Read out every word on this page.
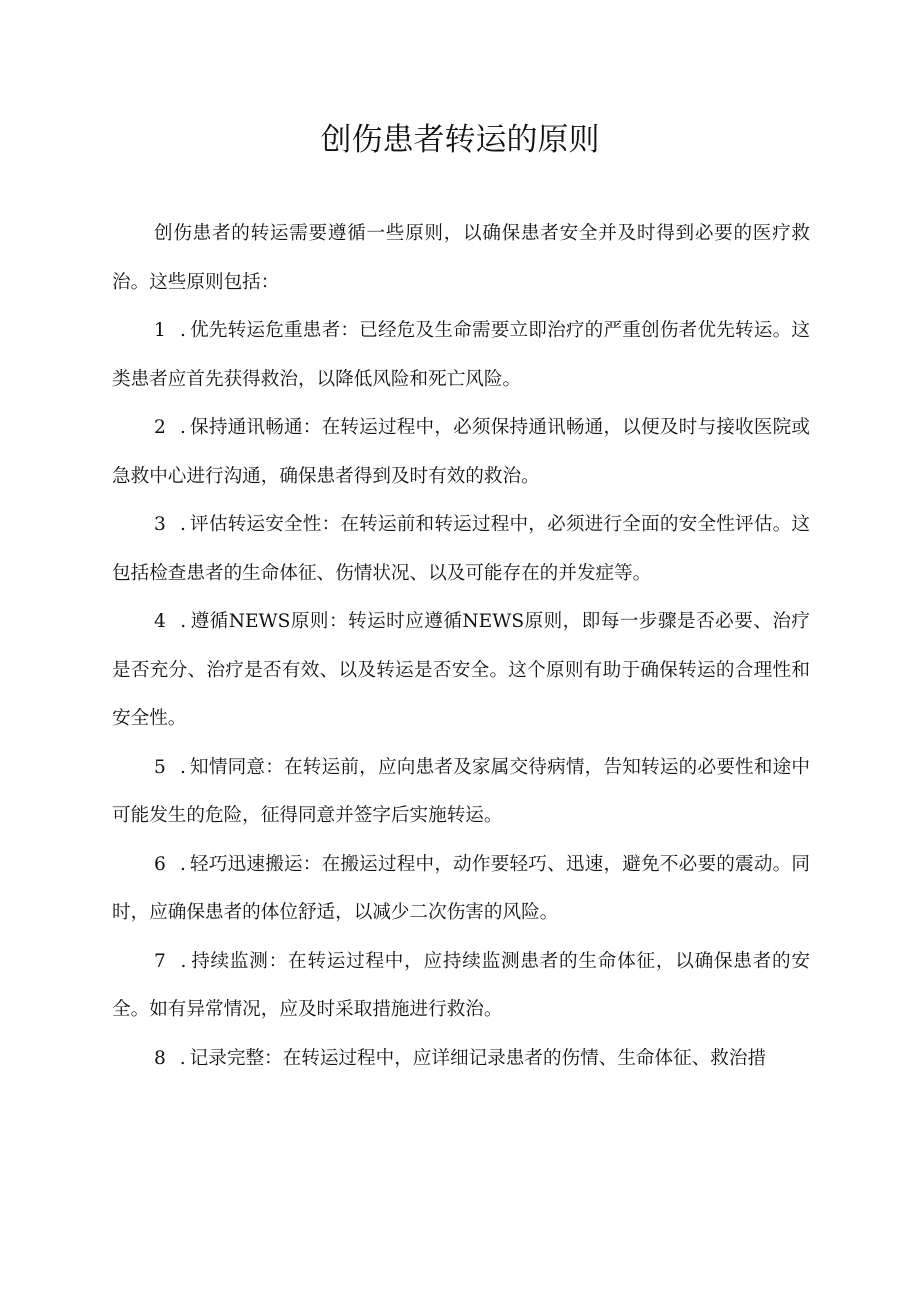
创伤患者转运的原则

创伤患者的转运需要遵循一些原则，以确保患者安全并及时得到必要的医疗救治。这些原则包括：

1 .优先转运危重患者：已经危及生命需要立即治疗的严重创伤者优先转运。这类患者应首先获得救治，以降低风险和死亡风险。

2 .保持通讯畅通：在转运过程中，必须保持通讯畅通，以便及时与接收医院或急救中心进行沟通，确保患者得到及时有效的救治。

3 .评估转运安全性：在转运前和转运过程中，必须进行全面的安全性评估。这包括检查患者的生命体征、伤情状况、以及可能存在的并发症等。

4 .遵循NEWS原则：转运时应遵循NEWS原则，即每一步骤是否必要、治疗是否充分、治疗是否有效、以及转运是否安全。这个原则有助于确保转运的合理性和安全性。

5 .知情同意：在转运前，应向患者及家属交待病情，告知转运的必要性和途中可能发生的危险，征得同意并签字后实施转运。

6 .轻巧迅速搬运：在搬运过程中，动作要轻巧、迅速，避免不必要的震动。同时，应确保患者的体位舒适，以减少二次伤害的风险。

7 .持续监测：在转运过程中，应持续监测患者的生命体征，以确保患者的安全。如有异常情况，应及时采取措施进行救治。

8 .记录完整：在转运过程中，应详细记录患者的伤情、生命体征、救治措
